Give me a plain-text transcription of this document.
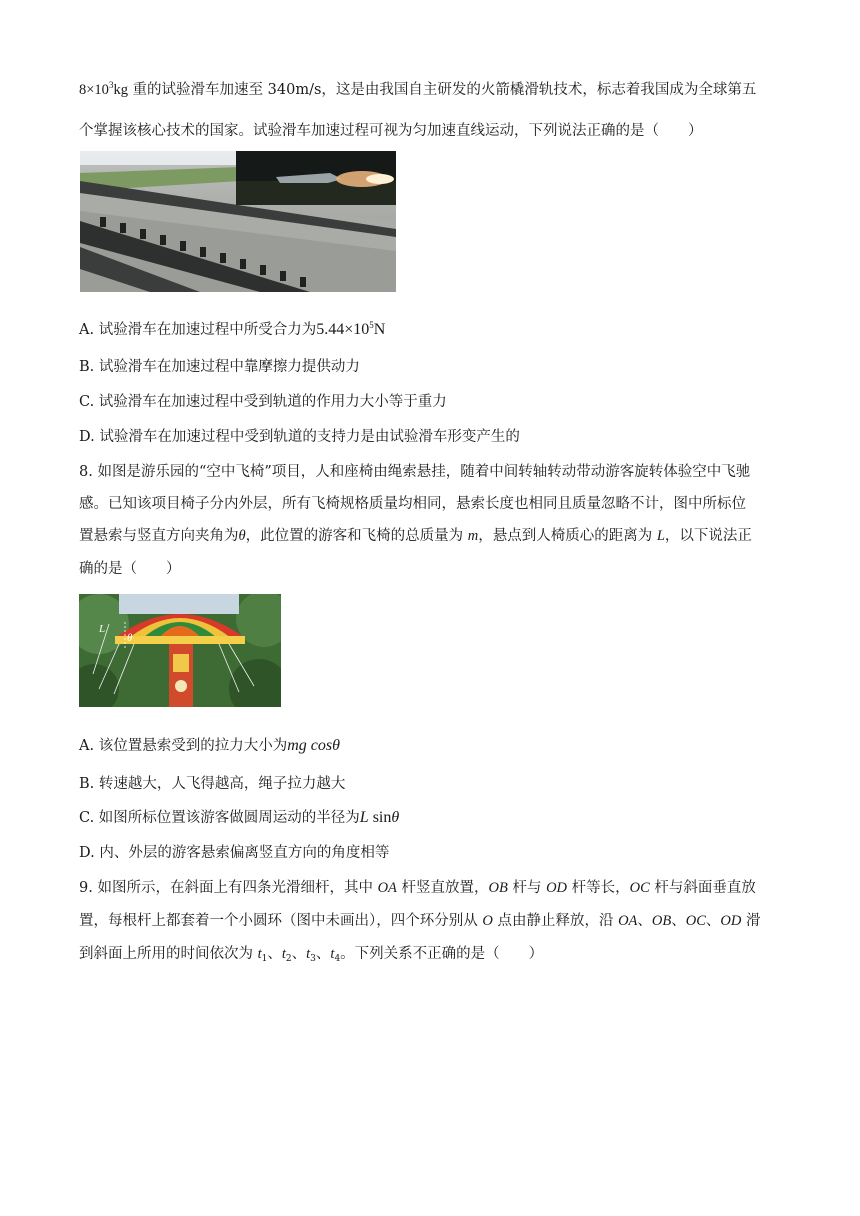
$8\times 10^3kg$ 重的试验滑车加速至 340m/s，这是由我国自主研发的火箭橇滑轨技术，标志着我国成为全球第五
个掌握该核心技术的国家。试验滑车加速过程可视为匀加速直线运动，下列说法正确的是（　　）
A. 试验滑车在加速过程中所受合力为$5.44\times 10^5N$
B. 试验滑车在加速过程中靠摩擦力提供动力
C. 试验滑车在加速过程中受到轨道的作用力大小等于重力
D. 试验滑车在加速过程中受到轨道的支持力是由试验滑车形变产生的
8. 如图是游乐园的“空中飞椅”项目，人和座椅由绳索悬挂，随着中间转轴转动带动游客旋转体验空中飞驰
感。已知该项目椅子分内外层，所有飞椅规格质量均相同，悬索长度也相同且质量忽略不计，图中所标位
置悬索与竖直方向夹角为θ，此位置的游客和飞椅的总质量为 m，悬点到人椅质心的距离为 L，以下说法正
确的是（　　）
L
θ
A. 该位置悬索受到的拉力大小为mg cosθ
B. 转速越大，人飞得越高，绳子拉力越大
C. 如图所标位置该游客做圆周运动的半径为L sinθ
D. 内、外层的游客悬索偏离竖直方向的角度相等
9. 如图所示，在斜面上有四条光滑细杆，其中 OA 杆竖直放置，OB 杆与 OD 杆等长，OC 杆与斜面垂直放
置，每根杆上都套着一个小圆环（图中未画出），四个环分别从 O 点由静止释放，沿 OA、OB、OC、OD 滑
到斜面上所用的时间依次为 $t_1$、$t_2$、$t_3$、$t_4$。下列关系不正确的是（　　）
